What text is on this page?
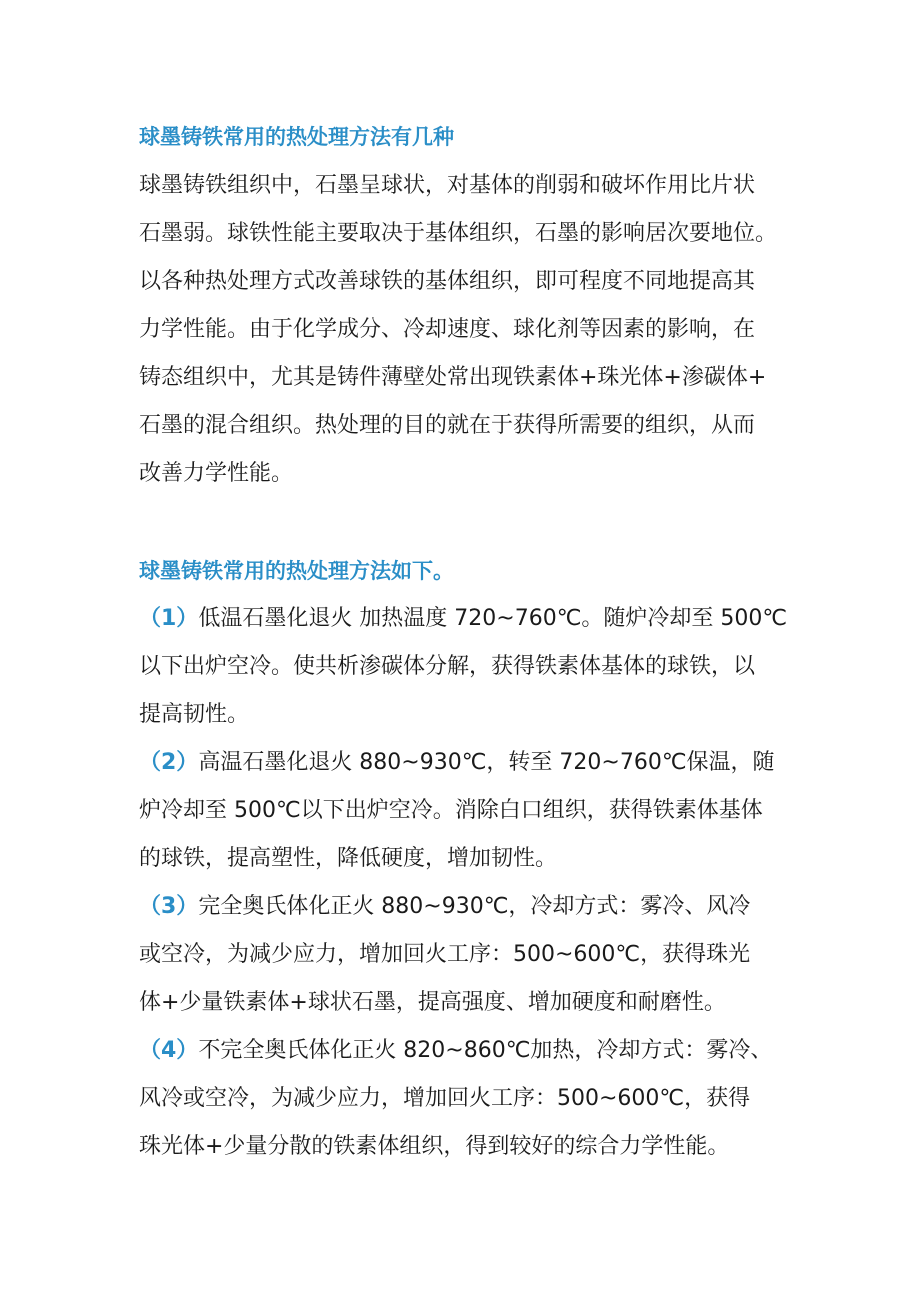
球墨铸铁常用的热处理方法有几种
球墨铸铁组织中，石墨呈球状，对基体的削弱和破坏作用比片状
石墨弱。球铁性能主要取决于基体组织，石墨的影响居次要地位。
以各种热处理方式改善球铁的基体组织，即可程度不同地提高其
力学性能。由于化学成分、冷却速度、球化剂等因素的影响，在
铸态组织中，尤其是铸件薄壁处常出现铁素体+珠光体+渗碳体+
石墨的混合组织。热处理的目的就在于获得所需要的组织，从而
改善力学性能。
球墨铸铁常用的热处理方法如下。
（1）低温石墨化退火 加热温度 720~760℃。随炉冷却至 500℃
以下出炉空冷。使共析渗碳体分解，获得铁素体基体的球铁，以
提高韧性。
（2）高温石墨化退火 880~930℃，转至 720~760℃保温，随
炉冷却至 500℃以下出炉空冷。消除白口组织，获得铁素体基体
的球铁，提高塑性，降低硬度，增加韧性。
（3）完全奥氏体化正火 880~930℃，冷却方式：雾冷、风冷
或空冷，为减少应力，增加回火工序：500~600℃，获得珠光
体+少量铁素体+球状石墨，提高强度、增加硬度和耐磨性。
（4）不完全奥氏体化正火 820~860℃加热，冷却方式：雾冷、
风冷或空冷，为减少应力，增加回火工序：500~600℃，获得
珠光体+少量分散的铁素体组织，得到较好的综合力学性能。
